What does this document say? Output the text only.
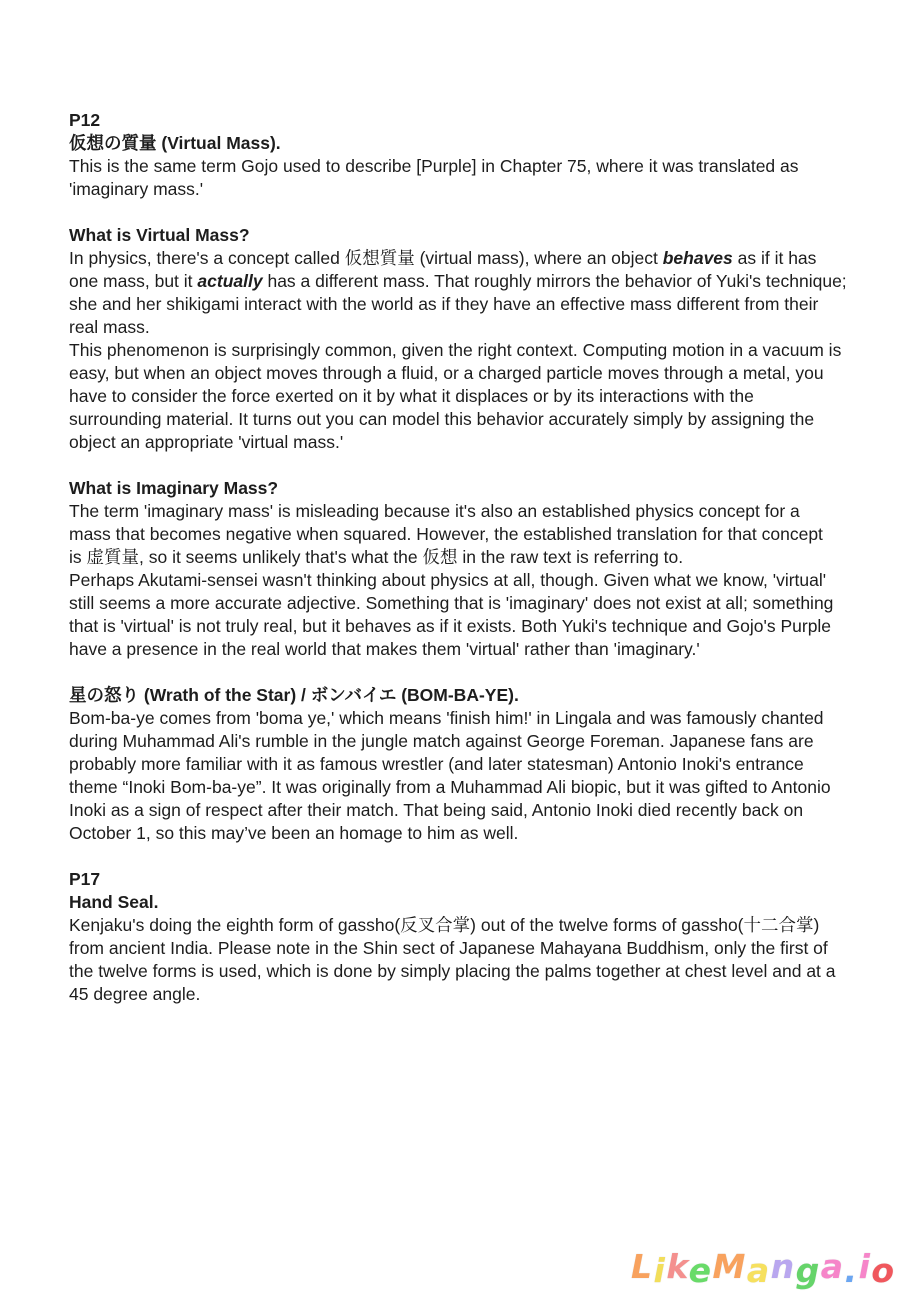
P12
仮想の質量 (Virtual Mass).
This is the same term Gojo used to describe [Purple] in Chapter 75, where it was translated as
'imaginary mass.'
What is Virtual Mass?
In physics, there's a concept called 仮想質量 (virtual mass), where an object behaves as if it has
one mass, but it actually has a different mass. That roughly mirrors the behavior of Yuki's technique;
she and her shikigami interact with the world as if they have an effective mass different from their
real mass.
This phenomenon is surprisingly common, given the right context. Computing motion in a vacuum is
easy, but when an object moves through a fluid, or a charged particle moves through a metal, you
have to consider the force exerted on it by what it displaces or by its interactions with the
surrounding material. It turns out you can model this behavior accurately simply by assigning the
object an appropriate 'virtual mass.'
What is Imaginary Mass?
The term 'imaginary mass' is misleading because it's also an established physics concept for a
mass that becomes negative when squared. However, the established translation for that concept
is 虚質量, so it seems unlikely that's what the 仮想 in the raw text is referring to.
Perhaps Akutami-sensei wasn't thinking about physics at all, though. Given what we know, 'virtual'
still seems a more accurate adjective. Something that is 'imaginary' does not exist at all; something
that is 'virtual' is not truly real, but it behaves as if it exists. Both Yuki's technique and Gojo's Purple
have a presence in the real world that makes them 'virtual' rather than 'imaginary.'
星の怒り (Wrath of the Star) / ボンバイエ (BOM-BA-YE).
Bom-ba-ye comes from 'boma ye,' which means 'finish him!' in Lingala and was famously chanted
during Muhammad Ali's rumble in the jungle match against George Foreman. Japanese fans are
probably more familiar with it as famous wrestler (and later statesman) Antonio Inoki's entrance
theme “Inoki Bom-ba-ye”. It was originally from a Muhammad Ali biopic, but it was gifted to Antonio
Inoki as a sign of respect after their match. That being said, Antonio Inoki died recently back on
October 1, so this may’ve been an homage to him as well.
P17
Hand Seal.
Kenjaku's doing the eighth form of gassho(反叉合掌) out of the twelve forms of gassho(十二合掌)
from ancient India. Please note in the Shin sect of Japanese Mahayana Buddhism, only the first of
the twelve forms is used, which is done by simply placing the palms together at chest level and at a
45 degree angle.
LikeManga.io
